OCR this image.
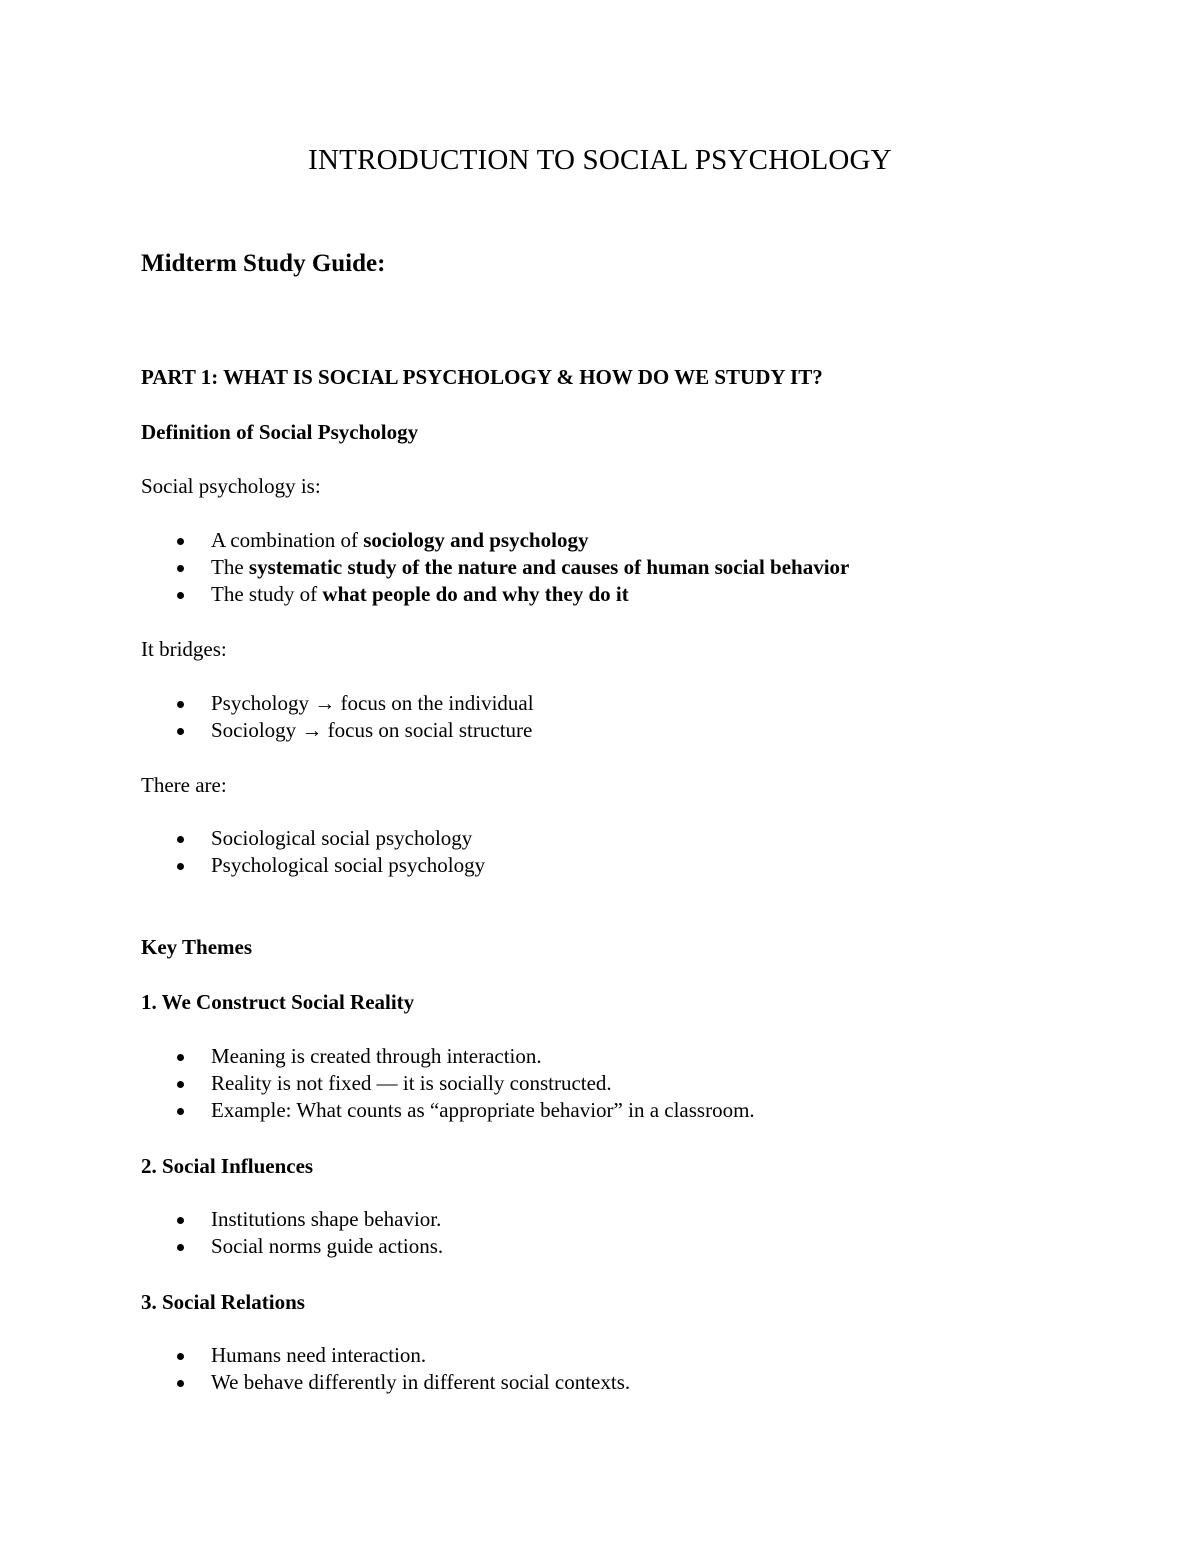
INTRODUCTION TO SOCIAL PSYCHOLOGY
Midterm Study Guide:
PART 1: WHAT IS SOCIAL PSYCHOLOGY & HOW DO WE STUDY IT?
Definition of Social Psychology

Social psychology is:

A combination of sociology and psychology
The systematic study of the nature and causes of human social behavior
The study of what people do and why they do it

It bridges:

Psychology → focus on the individual
Sociology → focus on social structure

There are:

Sociological social psychology
Psychological social psychology
Key Themes
1. We Construct Social Reality
Meaning is created through interaction.
Reality is not fixed — it is socially constructed.
Example: What counts as “appropriate behavior” in a classroom.
2. Social Influences
Institutions shape behavior.
Social norms guide actions.
3. Social Relations
Humans need interaction.
We behave differently in different social contexts.
